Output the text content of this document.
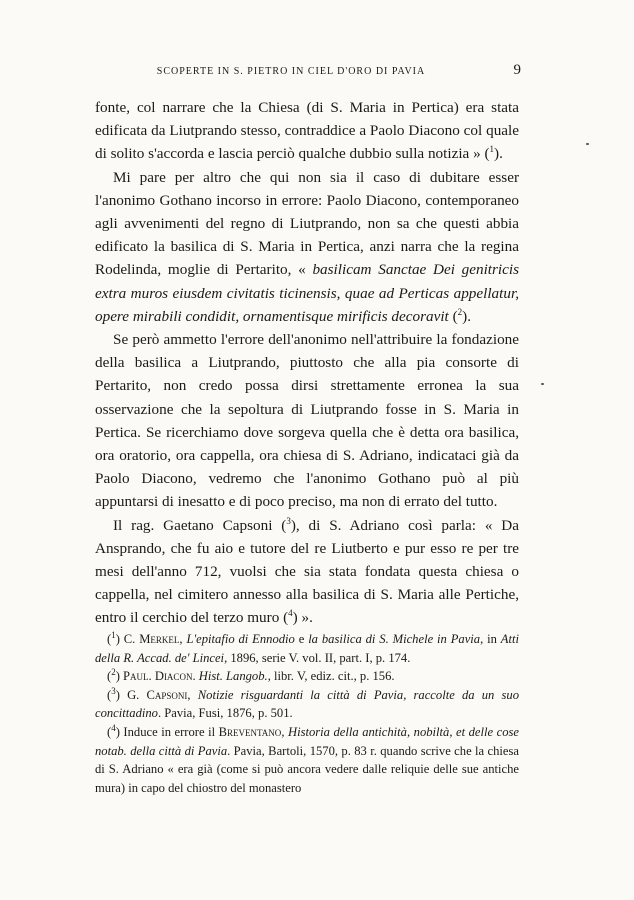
SCOPERTE IN S. PIETRO IN CIEL D'ORO DI PAVIA	9

fonte, col narrare che la Chiesa (di S. Maria in Pertica) era stata edificata da Liutprando stesso, contraddice a Paolo Diacono col quale di solito s'accorda e lascia perciò qualche dubbio sulla notizia » ($^1$).

Mi pare per altro che qui non sia il caso di dubitare esser l'anonimo Gothano incorso in errore: Paolo Diacono, contemporaneo agli avvenimenti del regno di Liutprando, non sa che questi abbia edificato la basilica di S. Maria in Pertica, anzi narra che la regina Rodelinda, moglie di Pertarito, « basilicam Sanctae Dei genitricis extra muros eiusdem civitatis ticinensis, quae ad Perticas appellatur, opere mirabili condidit, ornamentisque mirificis decoravit ($^2$).

Se però ammetto l'errore dell'anonimo nell'attribuire la fondazione della basilica a Liutprando, piuttosto che alla pia consorte di Pertarito, non credo possa dirsi strettamente erronea la sua osservazione che la sepoltura di Liutprando fosse in S. Maria in Pertica. Se ricerchiamo dove sorgeva quella che è detta ora basilica, ora oratorio, ora cappella, ora chiesa di S. Adriano, indicataci già da Paolo Diacono, vedremo che l'anonimo Gothano può al più appuntarsi di inesatto e di poco preciso, ma non di errato del tutto.

Il rag. Gaetano Capsoni ($^3$), di S. Adriano così parla: « Da Ansprando, che fu aio e tutore del re Liutberto e pur esso re per tre mesi dell'anno 712, vuolsi che sia stata fondata questa chiesa o cappella, nel cimitero annesso alla basilica di S. Maria alle Pertiche, entro il cerchio del terzo muro ($^4$) ».

($^1$) C. Merkel, L'epitafio di Ennodio e la basilica di S. Michele in Pavia, in Atti della R. Accad. de' Lincei, 1896, serie V. vol. II, part. I, p. 174.

($^2$) Paul. Diacon. Hist. Langob., libr. V, ediz. cit., p. 156.

($^3$) G. Capsoni, Notizie risguardanti la città di Pavia, raccolte da un suo concittadino. Pavia, Fusi, 1876, p. 501.

($^4$) Induce in errore il Breventano, Historia della antichità, nobiltà, et delle cose notab. della città di Pavia. Pavia, Bartoli, 1570, p. 83 r. quando scrive che la chiesa di S. Adriano « era già (come si può ancora vedere dalle reliquie delle sue antiche mura) in capo del chiostro del monastero
